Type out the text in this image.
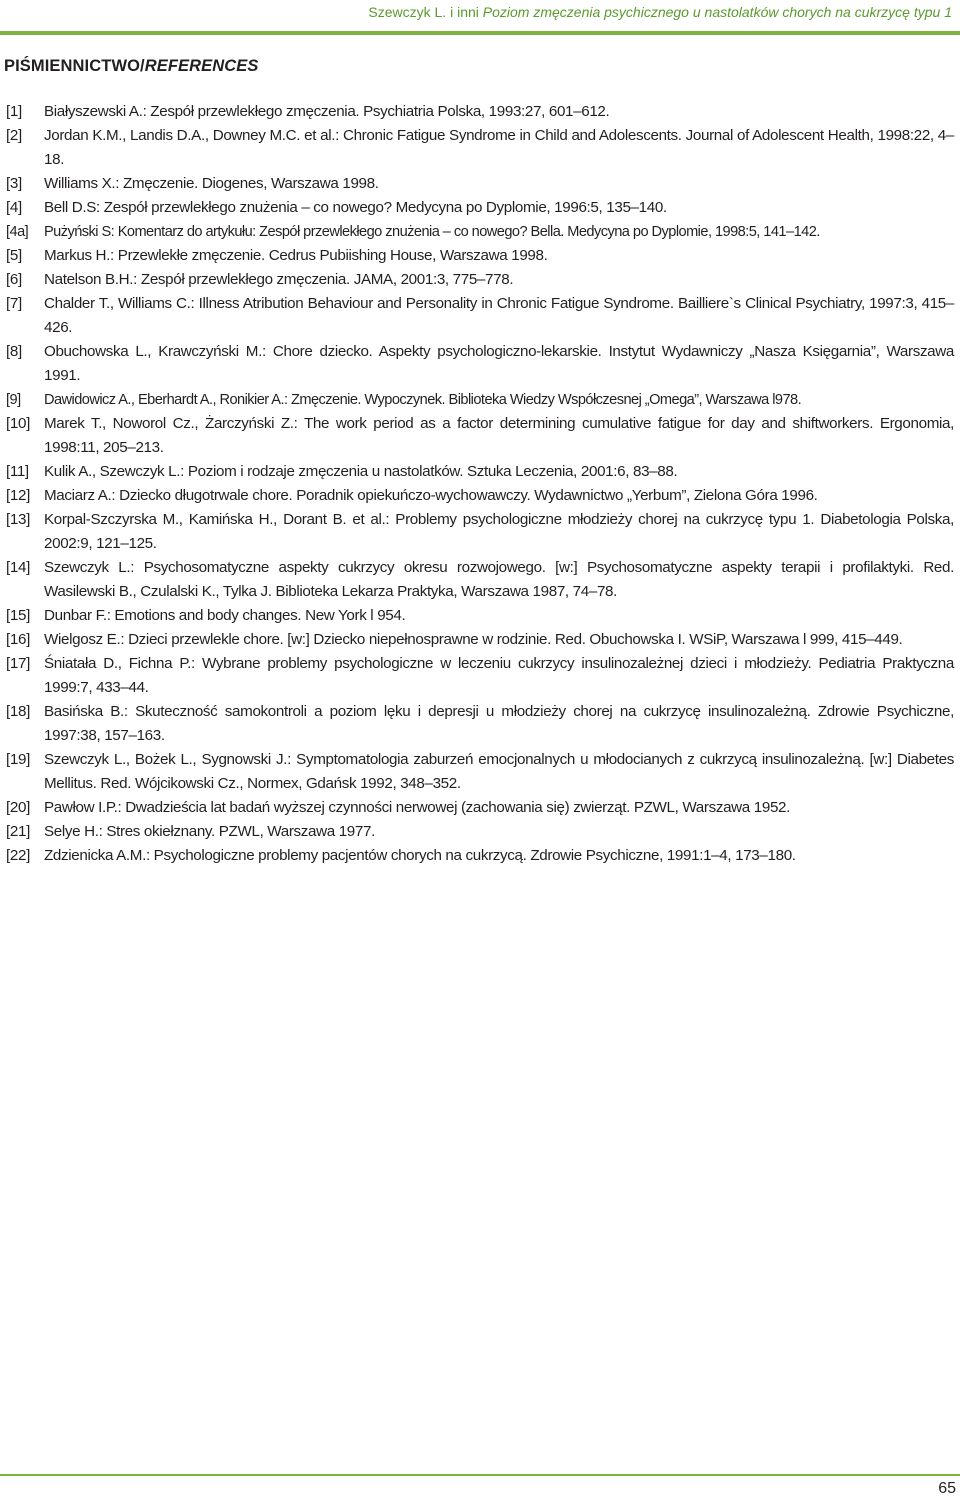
Szewczyk L. i inni Poziom zmęczenia psychicznego u nastolatków chorych na cukrzycę typu 1
PIŚMIENNICTWO/REFERENCES
[1]	Białyszewski A.: Zespół przewlekłego zmęczenia. Psychiatria Polska, 1993:27, 601–612.
[2]	Jordan K.M., Landis D.A., Downey M.C. et al.: Chronic Fatigue Syndrome in Child and Adolescents. Journal of Adolescent Health, 1998:22, 4–18.
[3]	Williams X.: Zmęczenie. Diogenes, Warszawa 1998.
[4]	Bell D.S: Zespół przewlekłego znużenia – co nowego? Medycyna po Dyplomie, 1996:5, 135–140.
[4a]	Pużyński S: Komentarz do artykułu: Zespół przewlekłego znużenia – co nowego? Bella. Medycyna po Dyplomie, 1998:5, 141–142.
[5]	Markus H.: Przewlekłe zmęczenie. Cedrus Pubiishing House, Warszawa 1998.
[6]	Natelson B.H.: Zespół przewlekłego zmęczenia. JAMA, 2001:3, 775–778.
[7]	Chalder T., Williams C.: Illness Atribution Behaviour and Personality in Chronic Fatigue Syndrome. Bailliere`s Clinical Psychiatry, 1997:3, 415–426.
[8]	Obuchowska L., Krawczyński M.: Chore dziecko. Aspekty psychologiczno-lekarskie. Instytut Wydawniczy „Nasza Księgarnia”, Warszawa 1991.
[9]	Dawidowicz A., Eberhardt A., Ronikier A.: Zmęczenie. Wypoczynek. Biblioteka Wiedzy Współczesnej „Omega”, Warszawa l978.
[10] Marek T., Noworol Cz., Żarczyński Z.: The work period as a factor determining cumulative fatigue for day and shiftworkers. Ergonomia, 1998:11, 205–213.
[11] Kulik A., Szewczyk L.: Poziom i rodzaje zmęczenia u nastolatków. Sztuka Leczenia, 2001:6, 83–88.
[12] Maciarz A.: Dziecko długotrwale chore. Poradnik opiekuńczo-wychowawczy. Wydawnictwo „Yerbum”, Zielona Góra 1996.
[13] Korpal-Szczyrska M., Kamińska H., Dorant B. et al.: Problemy psychologiczne młodzieży chorej na cukrzycę typu 1. Diabetologia Polska, 2002:9, 121–125.
[14] Szewczyk L.: Psychosomatyczne aspekty cukrzycy okresu rozwojowego. [w:] Psychosomatyczne aspekty terapii i profilaktyki. Red. Wasilewski B., Czulalski K., Tylka J. Biblioteka Lekarza Praktyka, Warszawa 1987, 74–78.
[15] Dunbar F.: Emotions and body changes. New York l 954.
[16] Wielgosz E.: Dzieci przewlekle chore. [w:] Dziecko niepełnosprawne w rodzinie. Red. Obuchowska I. WSiP, Warszawa l 999, 415–449.
[17] Śniatała D., Fichna P.: Wybrane problemy psychologiczne w leczeniu cukrzycy insulinozależnej dzieci i młodzieży. Pediatria Praktyczna 1999:7, 433–44.
[18] Basińska B.: Skuteczność samokontroli a poziom lęku i depresji u młodzieży chorej na cukrzycę insulinozależną. Zdrowie Psychiczne, 1997:38, 157–163.
[19] Szewczyk L., Bożek L., Sygnowski J.: Symptomatologia zaburzeń emocjonalnych u młodocianych z cukrzycą insulinozależną. [w:] Diabetes Mellitus. Red. Wójcikowski Cz., Normex, Gdańsk 1992, 348–352.
[20] Pawłow I.P.: Dwadzieścia lat badań wyższej czynności nerwowej (zachowania się) zwierząt. PZWL, Warszawa 1952.
[21] Selye H.: Stres okiełznany. PZWL, Warszawa 1977.
[22] Zdzienicka A.M.: Psychologiczne problemy pacjentów chorych na cukrzycą. Zdrowie Psychiczne, 1991:1–4, 173–180.
65
